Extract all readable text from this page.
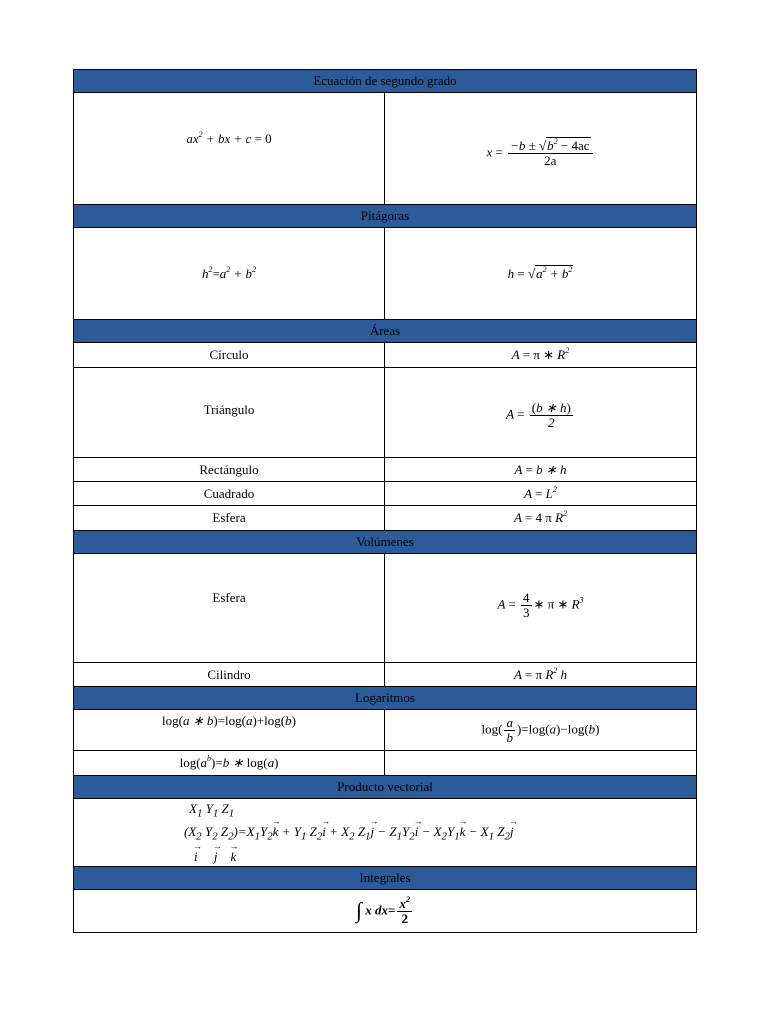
Ecuación de segundo grado	
$ax^2$ + bx + c = 0	$x = \frac{-b \pm √b^2 - 4ac}{2a}$

Pitágoras	
$h^2=a^2 + b^2$	$h = √a^2 + b^2$
Áreas	
Círculo	A = π ∗ $R^2$
Triángulo	$A = \frac{(b ∗ h)}{2}$

Rectángulo	A = b ∗ h
Cuadrado	$A = L^2$
Esfera	A = 4 π $R^2$
Volúmenes	
Esfera	$A = \frac{4}{3}$ ∗ π ∗ $R^3$
Cilindro	A = π $R^2$ h
Logaritmos	
log(a ∗ b)=log(a)+log(b)	$\log( \frac{a}{b} )=\log(a)-\log(b)$
$\log(a^b)=b$ ∗ log(a)	
Producto vectorial	

$X_1$ $Y_1$ $Z_1$
($X_2$ $Y_2$ $Z_2)=X_1Y_2\to k + Y_1$ $Z_2\to i + X_2$ $Z_1\to j - Z_1Y_2\to i - X_2Y_1\to k - X_1$ $Z_2\to j$
→ i → j → k

Integrales	
∫ x $dx= \frac{x^2}{2}$
